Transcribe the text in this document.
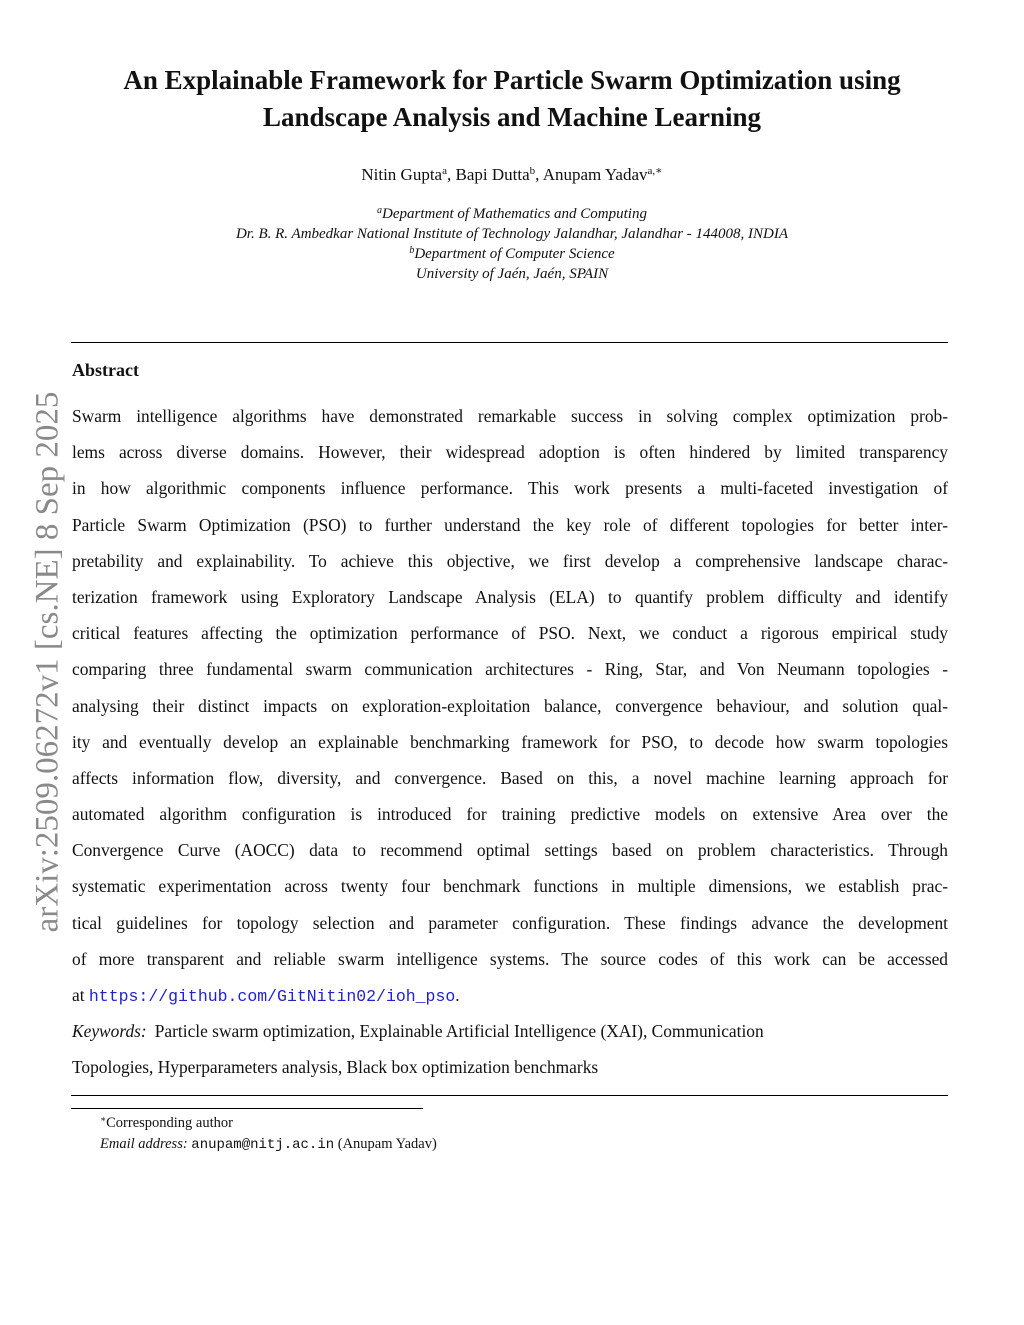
An Explainable Framework for Particle Swarm Optimization using
Landscape Analysis and Machine Learning
Nitin Gupta$^a$, Bapi Dutta$^b$, Anupam Yadav$^{a,∗}$
$^a$Department of Mathematics and Computing
Dr. B. R. Ambedkar National Institute of Technology Jalandhar, Jalandhar - 144008, INDIA
$^b$Department of Computer Science
University of Jaén, Jaén, SPAIN
Abstract
Swarm intelligence algorithms have demonstrated remarkable success in solving complex optimization prob-
lems across diverse domains. However, their widespread adoption is often hindered by limited transparency
in how algorithmic components influence performance. This work presents a multi-faceted investigation of
Particle Swarm Optimization (PSO) to further understand the key role of different topologies for better inter-
pretability and explainability. To achieve this objective, we first develop a comprehensive landscape charac-
terization framework using Exploratory Landscape Analysis (ELA) to quantify problem difficulty and identify
critical features affecting the optimization performance of PSO. Next, we conduct a rigorous empirical study
comparing three fundamental swarm communication architectures - Ring, Star, and Von Neumann topologies -
analysing their distinct impacts on exploration-exploitation balance, convergence behaviour, and solution qual-
ity and eventually develop an explainable benchmarking framework for PSO, to decode how swarm topologies
affects information flow, diversity, and convergence. Based on this, a novel machine learning approach for
automated algorithm configuration is introduced for training predictive models on extensive Area over the
Convergence Curve (AOCC) data to recommend optimal settings based on problem characteristics. Through
systematic experimentation across twenty four benchmark functions in multiple dimensions, we establish prac-
tical guidelines for topology selection and parameter configuration. These findings advance the development
of more transparent and reliable swarm intelligence systems. The source codes of this work can be accessed
at https://github.com/GitNitin02/ioh_pso.
Keywords: Particle swarm optimization, Explainable Artificial Intelligence (XAI), Communication
Topologies, Hyperparameters analysis, Black box optimization benchmarks
∗Corresponding author
Email address: anupam@nitj.ac.in (Anupam Yadav)
arXiv:2509.06272v1 [cs.NE] 8 Sep 2025
